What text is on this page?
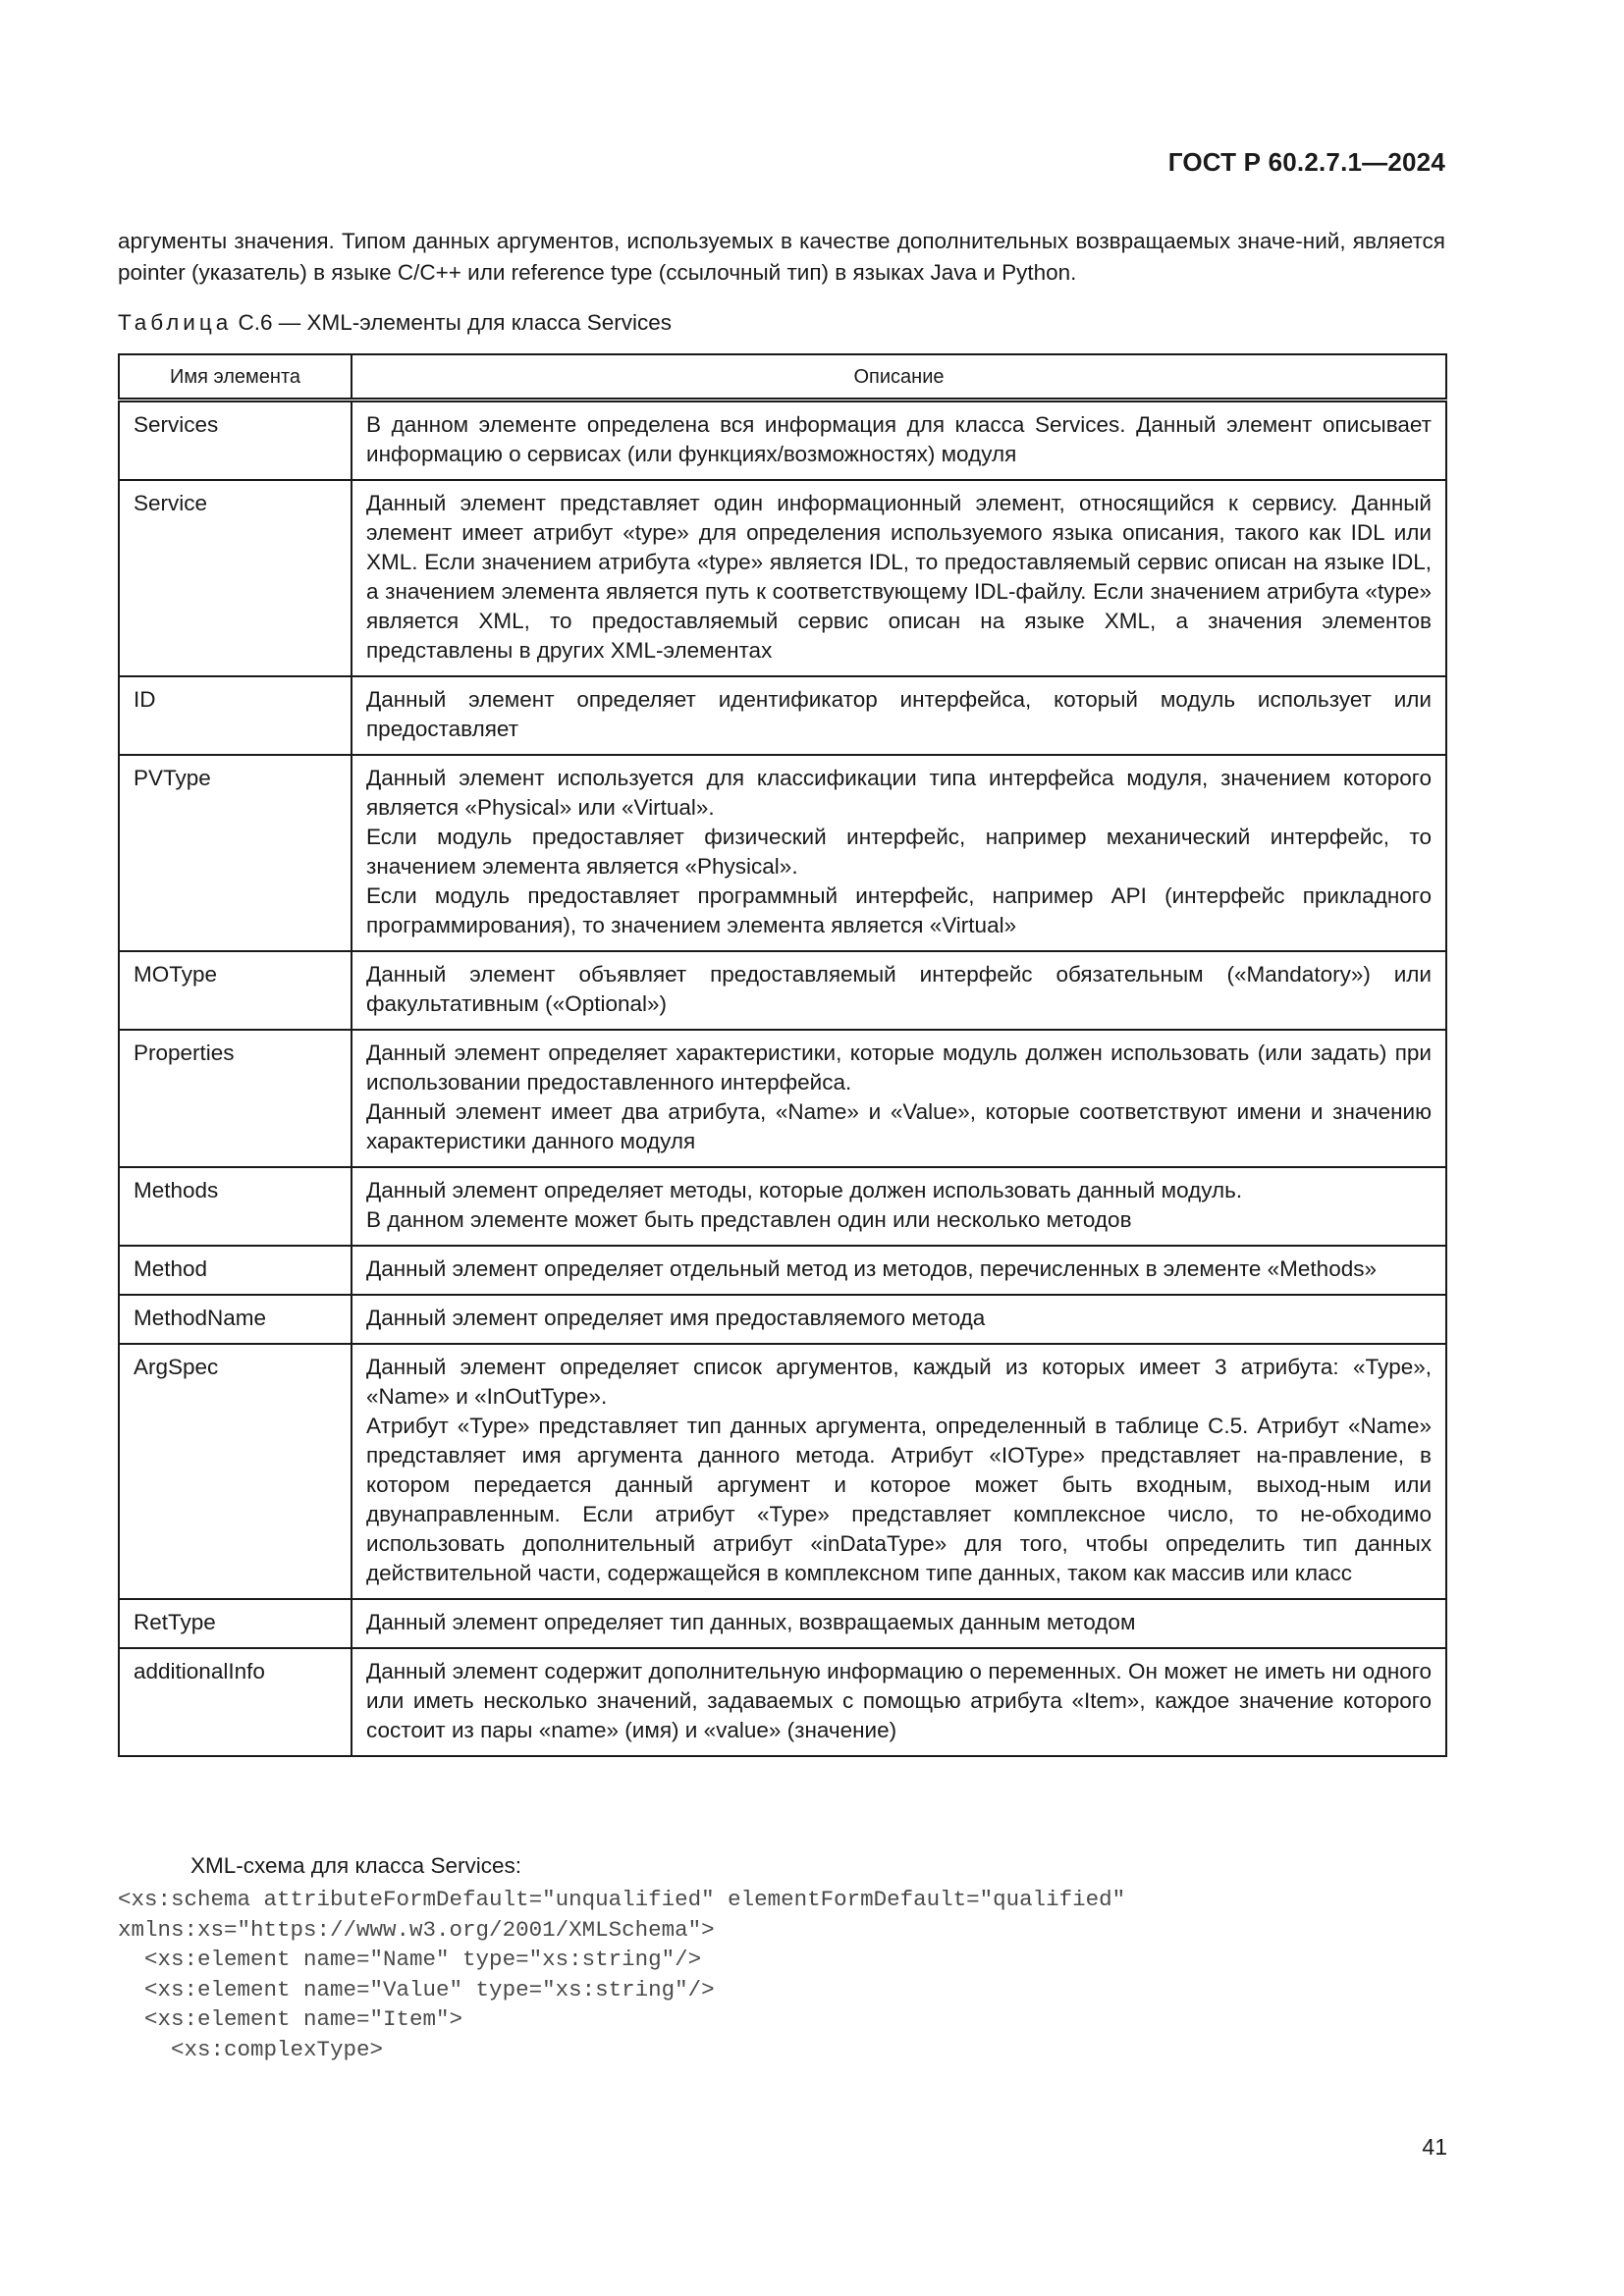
ГОСТ Р 60.2.7.1—2024
аргументы значения. Типом данных аргументов, используемых в качестве дополнительных возвращаемых значе-ний, является pointer (указатель) в языке C/C++ или reference type (ссылочный тип) в языках Java и Python.
Таблица С.6 — XML-элементы для класса Services
Имя элемента	Описание
Services	В данном элементе определена вся информация для класса Services. Данный элемент описывает информацию о сервисах (или функциях/возможностях) модуля

Service	Данный элемент представляет один информационный элемент, относящийся к сервису. Данный элемент имеет атрибут «type» для определения используемого языка описания, такого как IDL или XML. Если значением атрибута «type» является IDL, то предоставляемый сервис описан на языке IDL, а значением элемента является путь к соответствующему IDL-файлу. Если значением атрибута «type» является XML, то предоставляемый сервис описан на языке XML, а значения элементов представлены в других XML-элементах

ID	Данный элемент определяет идентификатор интерфейса, который модуль использует или предоставляет

PVType	Данный элемент используется для классификации типа интерфейса модуля, значением которого является «Physical» или «Virtual».
Если модуль предоставляет физический интерфейс, например механический интерфейс, то значением элемента является «Physical».
Если модуль предоставляет программный интерфейс, например API (интерфейс прикладного программирования), то значением элемента является «Virtual»

MOType	Данный элемент объявляет предоставляемый интерфейс обязательным («Mandatory») или факультативным («Optional»)

Properties	Данный элемент определяет характеристики, которые модуль должен использовать (или задать) при использовании предоставленного интерфейса.
Данный элемент имеет два атрибута, «Name» и «Value», которые соответствуют имени и значению характеристики данного модуля

Methods	Данный элемент определяет методы, которые должен использовать данный модуль.
В данном элементе может быть представлен один или несколько методов

Method	Данный элемент определяет отдельный метод из методов, перечисленных в элементе «Methods»

MethodName	Данный элемент определяет имя предоставляемого метода

ArgSpec	Данный элемент определяет список аргументов, каждый из которых имеет 3 атрибута: «Type», «Name» и «InOutType».
Атрибут «Type» представляет тип данных аргумента, определенный в таблице С.5. Атрибут «Name» представляет имя аргумента данного метода. Атрибут «IOType» представляет на-правление, в котором передается данный аргумент и которое может быть входным, выход-ным или двунаправленным. Если атрибут «Type» представляет комплексное число, то не-обходимо использовать дополнительный атрибут «inDataType» для того, чтобы определить тип данных действительной части, содержащейся в комплексном типе данных, таком как массив или класс

RetType	Данный элемент определяет тип данных, возвращаемых данным методом

additionalInfo	Данный элемент содержит дополнительную информацию о переменных. Он может не иметь ни одного или иметь несколько значений, задаваемых с помощью атрибута «Item», каждое значение которого состоит из пары «name» (имя) и «value» (значение)
XML-схема для класса Services:
<xs:schema attributeFormDefault="unqualified" elementFormDefault="qualified"
xmlns:xs="https://www.w3.org/2001/XMLSchema">
<xs:element name="Name" type="xs:string"/>
<xs:element name="Value" type="xs:string"/>
<xs:element name="Item">
<xs:complexType>
41
